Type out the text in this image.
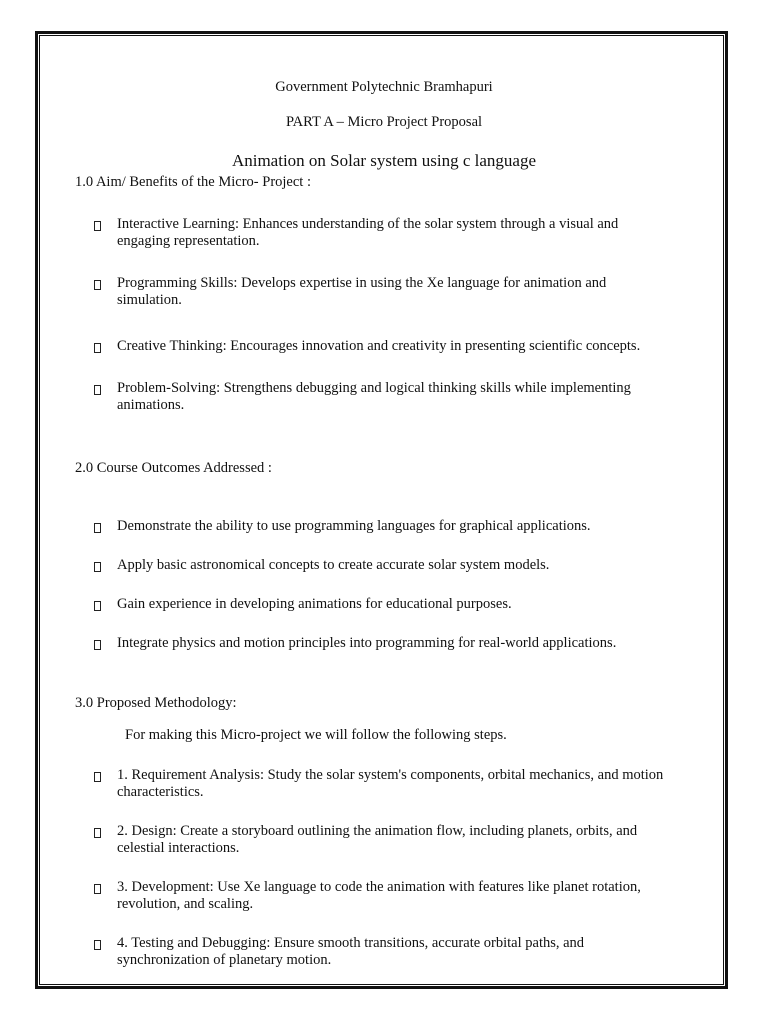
Government Polytechnic Bramhapuri
PART A – Micro Project Proposal
Animation on Solar system using c language
1.0 Aim/ Benefits of the Micro- Project :
Interactive Learning: Enhances understanding of the solar system through a visual and
engaging representation.
Programming Skills: Develops expertise in using the Xe language for animation and
simulation.
Creative Thinking: Encourages innovation and creativity in presenting scientific concepts.
Problem-Solving: Strengthens debugging and logical thinking skills while implementing
animations.
2.0 Course Outcomes Addressed :
Demonstrate the ability to use programming languages for graphical applications.
Apply basic astronomical concepts to create accurate solar system models.
Gain experience in developing animations for educational purposes.
Integrate physics and motion principles into programming for real-world applications.
3.0 Proposed Methodology:
For making this Micro-project we will follow the following steps.
1. Requirement Analysis: Study the solar system's components, orbital mechanics, and motion
characteristics.
2. Design: Create a storyboard outlining the animation flow, including planets, orbits, and
celestial interactions.
3. Development: Use Xe language to code the animation with features like planet rotation,
revolution, and scaling.
4. Testing and Debugging: Ensure smooth transitions, accurate orbital paths, and
synchronization of planetary motion.
